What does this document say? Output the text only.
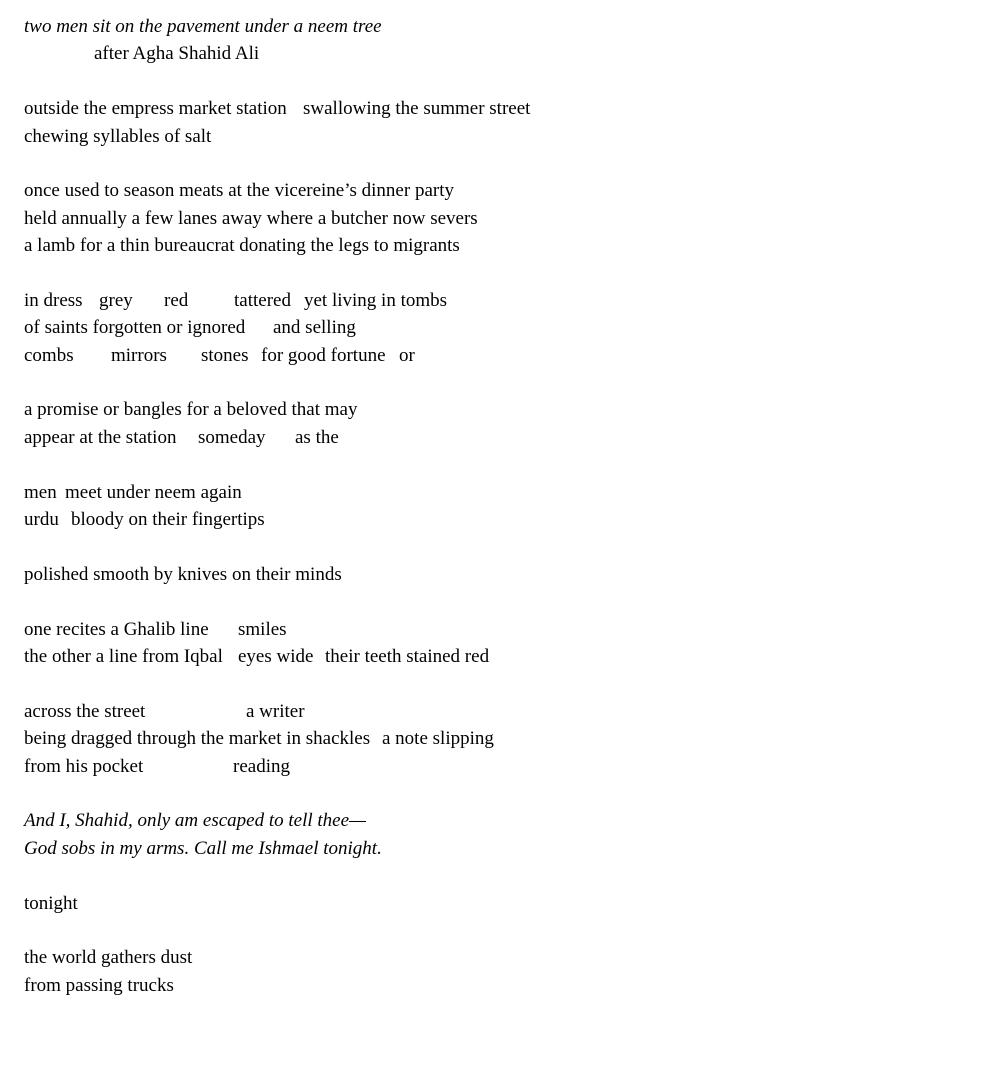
two men sit on the pavement under a neem tree
after Agha Shahid Ali
outside the empress market station swallowing the summer street
chewing syllables of salt
once used to season meats at the vicereine’s dinner party
held annually a few lanes away where a butcher now severs
a lamb for a thin bureaucrat donating the legs to migrants
in dress grey red tattered yet living in tombs
of saints forgotten or ignored and selling
combs mirrors stones for good fortune or
a promise or bangles for a beloved that may
appear at the station someday as the
men meet under neem again
urdu bloody on their fingertips
polished smooth by knives on their minds
one recites a Ghalib line smiles
the other a line from Iqbal eyes wide their teeth stained red
across the street	a writer
being dragged through the market in shackles a note slipping
from his pocket	reading
And I, Shahid, only am escaped to tell thee—
God sobs in my arms. Call me Ishmael tonight.
tonight
the world gathers dust
from passing trucks
